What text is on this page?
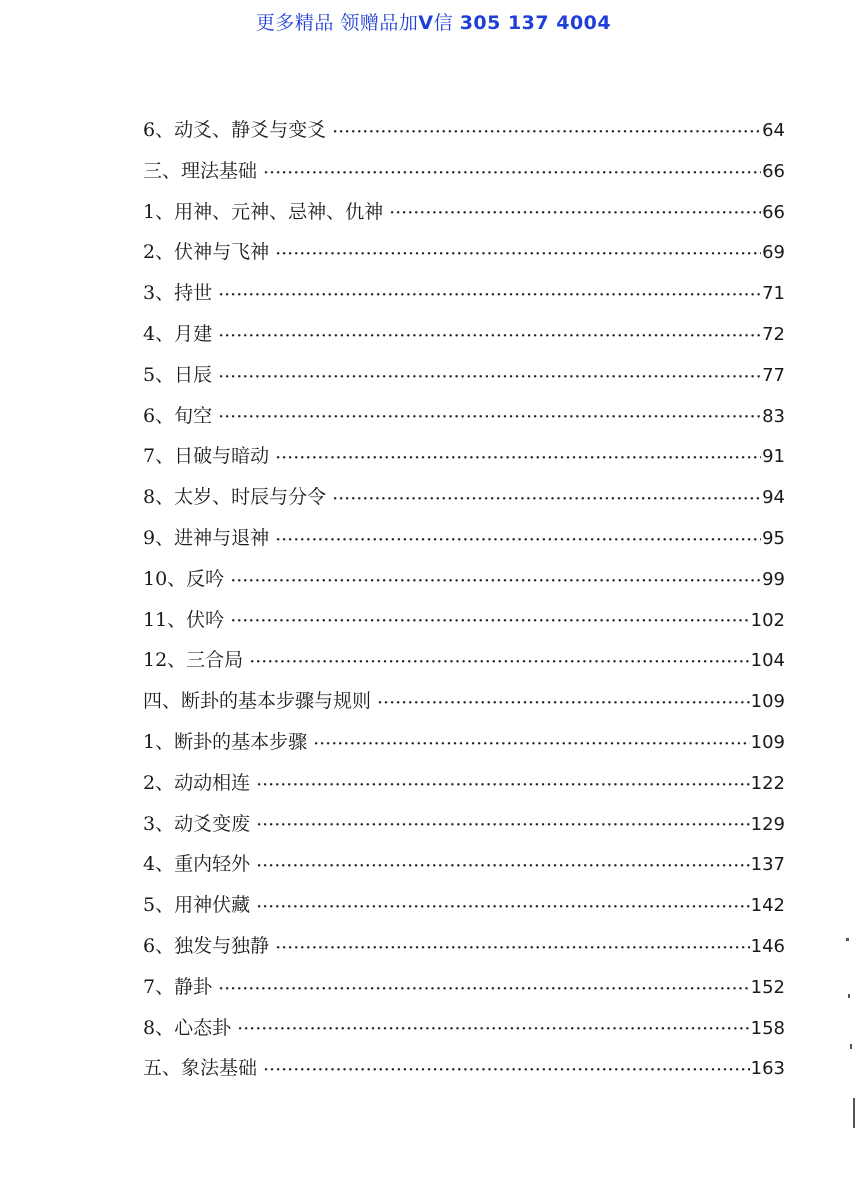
更多精品 领赠品加V信 305 137 4004
6、动爻、静爻与变爻 ·····	64
三、理法基础 ·····	66
1、用神、元神、忌神、仇神 ·····	66
2、伏神与飞神 ·····	69
3、持世 ·····	71
4、月建 ·····	72
5、日辰 ·····	77
6、旬空 ·····	83
7、日破与暗动 ·····	91
8、太岁、时辰与分令 ·····	94
9、进神与退神 ·····	95
10、反吟 ·····	99
11、伏吟 ·····	102
12、三合局 ·····	104
四、断卦的基本步骤与规则 ·····	109
1、断卦的基本步骤 ·····	109
2、动动相连 ·····	122
3、动爻变废 ·····	129
4、重内轻外 ·····	137
5、用神伏藏 ·····	142
6、独发与独静 ·····	146
7、静卦 ·····	152
8、心态卦 ·····	158
五、象法基础 ·····	163
